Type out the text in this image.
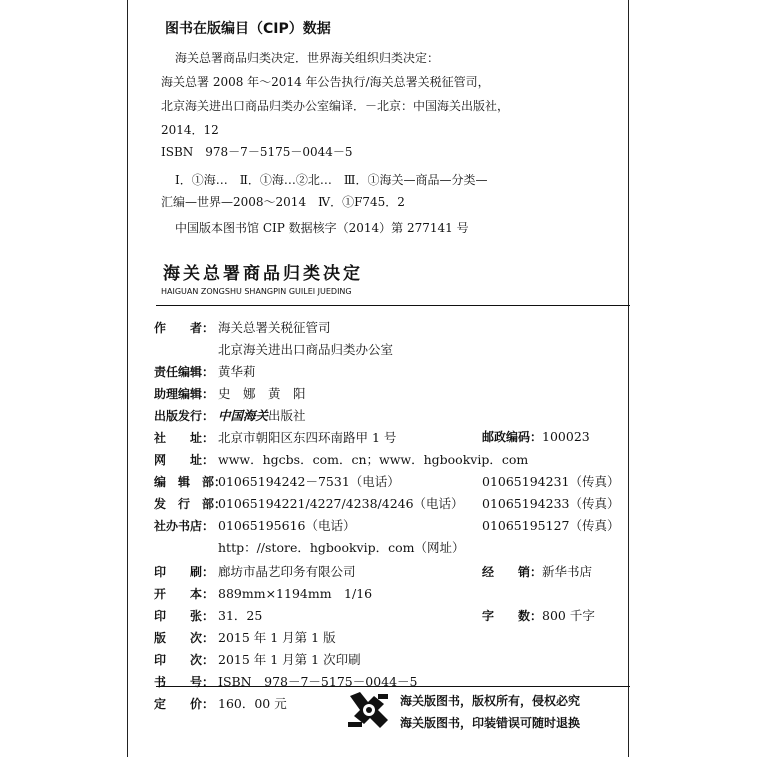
图书在版编目（CIP）数据
海关总署商品归类决定．世界海关组织归类决定：
海关总署 2008 年～2014 年公告执行/海关总署关税征管司，
北京海关进出口商品归类办公室编译．－北京：中国海关出版社，
2014．12
ISBN　978－7－5175－0044－5
Ⅰ．①海…　Ⅱ．①海…②北…　Ⅲ．①海关—商品—分类—
汇编—世界—2008～2014　Ⅳ．①F745．2
中国版本图书馆 CIP 数据核字（2014）第 277141 号
海关总署商品归类决定
HAIGUAN ZONGSHU SHANGPIN GUILEI JUEDING
作　　者： 海关总署关税征管司
北京海关进出口商品归类办公室
责任编辑： 黄华莉
助理编辑： 史　娜　黄　阳
出版发行： 中国海关出版社
社　　址： 北京市朝阳区东四环南路甲 1 号	邮政编码：100023
网　　址： www．hgcbs．com．cn；www．hgbookvip．com
编　辑　部：01065194242－7531（电话）	01065194231（传真）
发　行　部：01065194221/4227/4238/4246（电话） 01065194233（传真）
社办书店： 01065195616（电话）	01065195127（传真）
http：//store．hgbookvip．com（网址）
印　　刷： 廊坊市晶艺印务有限公司	经　　销：新华书店
开　　本： 889mm×1194mm　1/16
印　　张： 31．25	字　　数：800 千字
版　　次： 2015 年 1 月第 1 版
印　　次： 2015 年 1 月第 1 次印刷
书　　号： ISBN　978－7－5175－0044－5
定　　价： 160．00 元	海关版图书，版权所有，侵权必究
海关版图书，印装错误可随时退换
